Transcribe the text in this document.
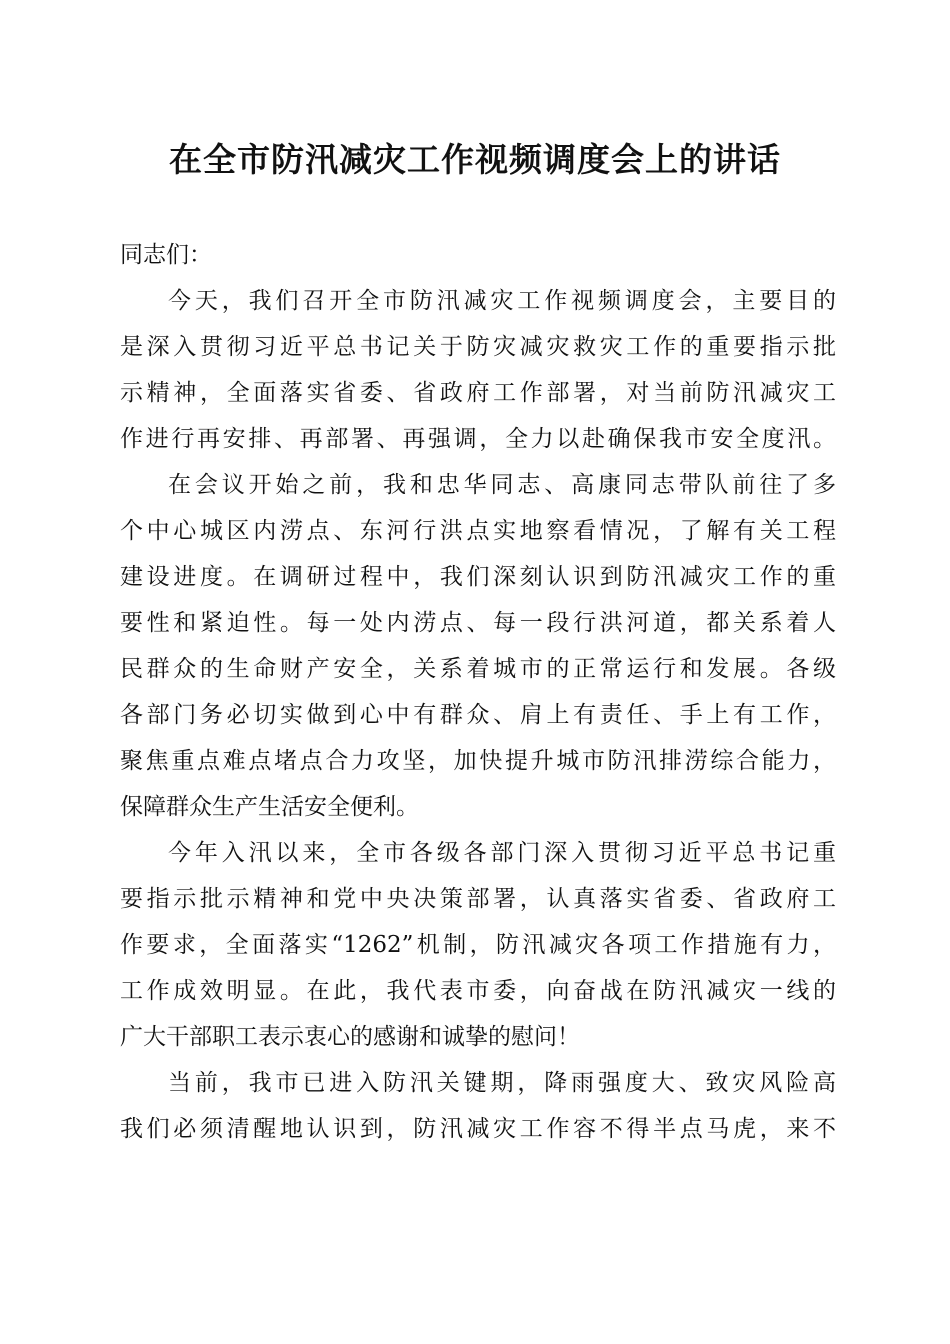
在全市防汛减灾工作视频调度会上的讲话
同志们：
今天，我们召开全市防汛减灾工作视频调度会，主要目的
是深入贯彻习近平总书记关于防灾减灾救灾工作的重要指示批
示精神，全面落实省委、省政府工作部署，对当前防汛减灾工
作进行再安排、再部署、再强调，全力以赴确保我市安全度汛。
在会议开始之前，我和忠华同志、高康同志带队前往了多
个中心城区内涝点、东河行洪点实地察看情况，了解有关工程
建设进度。在调研过程中，我们深刻认识到防汛减灾工作的重
要性和紧迫性。每一处内涝点、每一段行洪河道，都关系着人
民群众的生命财产安全，关系着城市的正常运行和发展。各级
各部门务必切实做到心中有群众、肩上有责任、手上有工作，
聚焦重点难点堵点合力攻坚，加快提升城市防汛排涝综合能力，
保障群众生产生活安全便利。
今年入汛以来，全市各级各部门深入贯彻习近平总书记重
要指示批示精神和党中央决策部署，认真落实省委、省政府工
作要求，全面落实“1262”机制，防汛减灾各项工作措施有力，
工作成效明显。在此，我代表市委，向奋战在防汛减灾一线的
广大干部职工表示衷心的感谢和诚挚的慰问！
当前，我市已进入防汛关键期，降雨强度大、致灾风险高
我们必须清醒地认识到，防汛减灾工作容不得半点马虎，来不
